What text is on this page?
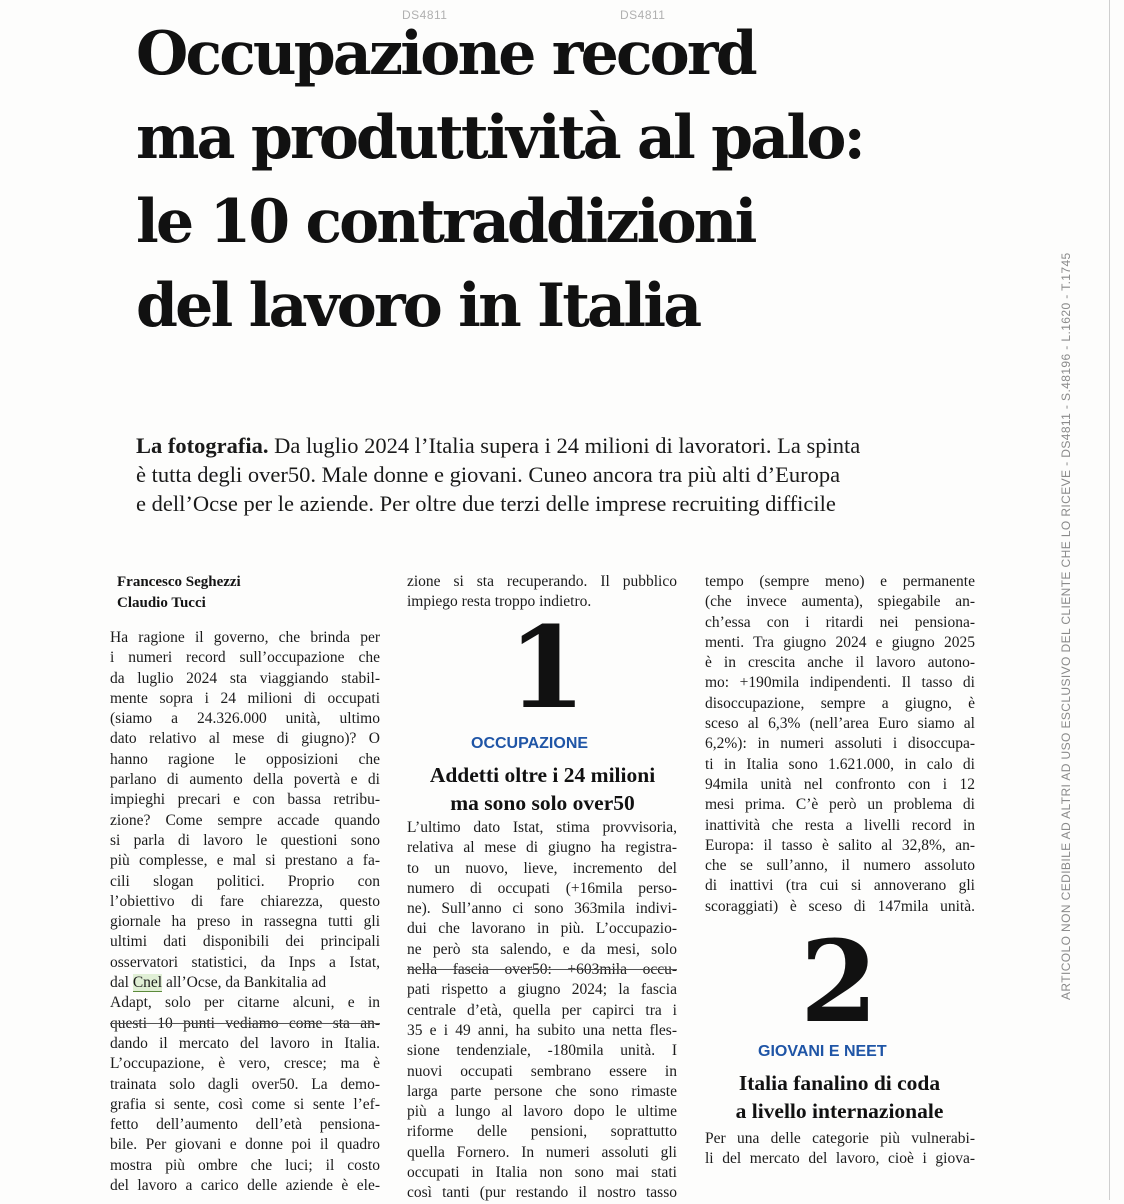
DS4811	DS4811
Occupazione record
ma produttività al palo:
le 10 contraddizioni
del lavoro in Italia

La fotografia. Da luglio 2024 l’Italia supera i 24 milioni di lavoratori. La spinta
è tutta degli over50. Male donne e giovani. Cuneo ancora tra più alti d’Europa
e dell’Ocse per le aziende. Per oltre due terzi delle imprese recruiting difficile	ARTICOLO NON CEDIBILE AD ALTRI AD USO ESCLUSIVO DEL CLIENTE CHE LO RICEVE - DS4811 - S.48196 - L.1620 - T.1745
Francesco Seghezzi
Claudio Tucci
Ha ragione il governo, che brinda per
i numeri record sull’occupazione che
da luglio 2024 sta viaggiando stabil-
mente sopra i 24 milioni di occupati
(siamo a 24.326.000 unità, ultimo
dato relativo al mese di giugno)? O
hanno ragione le opposizioni che
parlano di aumento della povertà e di
impieghi precari e con bassa retribu-
zione? Come sempre accade quando
si parla di lavoro le questioni sono
più complesse, e mal si prestano a fa-
cili slogan politici. Proprio con
l’obiettivo di fare chiarezza, questo
giornale ha preso in rassegna tutti gli
ultimi dati disponibili dei principali
osservatori statistici, da Inps a Istat,
dal Cnel all’Ocse, da Bankitalia ad
Adapt, solo per citarne alcuni, e in
questi 10 punti vediamo come sta an-
dando il mercato del lavoro in Italia.
L’occupazione, è vero, cresce; ma è
trainata solo dagli over50. La demo-
grafia si sente, così come si sente l’ef-
fetto dell’aumento dell’età pensiona-
bile. Per giovani e donne poi il quadro
mostra più ombre che luci; il costo
del lavoro a carico delle aziende è ele-
zione si sta recuperando. Il pubblico
impiego resta troppo indietro.
1
OCCUPAZIONE
Addetti oltre i 24 milioni
ma sono solo over50
L’ultimo dato Istat, stima provvisoria,
relativa al mese di giugno ha registra-
to un nuovo, lieve, incremento del
numero di occupati (+16mila perso-
ne). Sull’anno ci sono 363mila indivi-
dui che lavorano in più. L’occupazio-
ne però sta salendo, e da mesi, solo
nella fascia over50: +603mila occu-
pati rispetto a giugno 2024; la fascia
centrale d’età, quella per capirci tra i
35 e i 49 anni, ha subito una netta fles-
sione tendenziale, -180mila unità. I
nuovi occupati sembrano essere in
larga parte persone che sono rimaste
più a lungo al lavoro dopo le ultime
riforme delle pensioni, soprattutto
quella Fornero. In numeri assoluti gli
occupati in Italia non sono mai stati
così tanti (pur restando il nostro tasso
tempo (sempre meno) e permanente
(che invece aumenta), spiegabile an-
ch’essa con i ritardi nei pensiona-
menti. Tra giugno 2024 e giugno 2025
è in crescita anche il lavoro autono-
mo: +190mila indipendenti. Il tasso di
disoccupazione, sempre a giugno, è
sceso al 6,3% (nell’area Euro siamo al
6,2%): in numeri assoluti i disoccupa-
ti in Italia sono 1.621.000, in calo di
94mila unità nel confronto con i 12
mesi prima. C’è però un problema di
inattività che resta a livelli record in
Europa: il tasso è salito al 32,8%, an-
che se sull’anno, il numero assoluto
di inattivi (tra cui si annoverano gli
scoraggiati) è sceso di 147mila unità.
2
GIOVANI E NEET
Italia fanalino di coda
a livello internazionale
Per una delle categorie più vulnerabi-
li del mercato del lavoro, cioè i giova-
